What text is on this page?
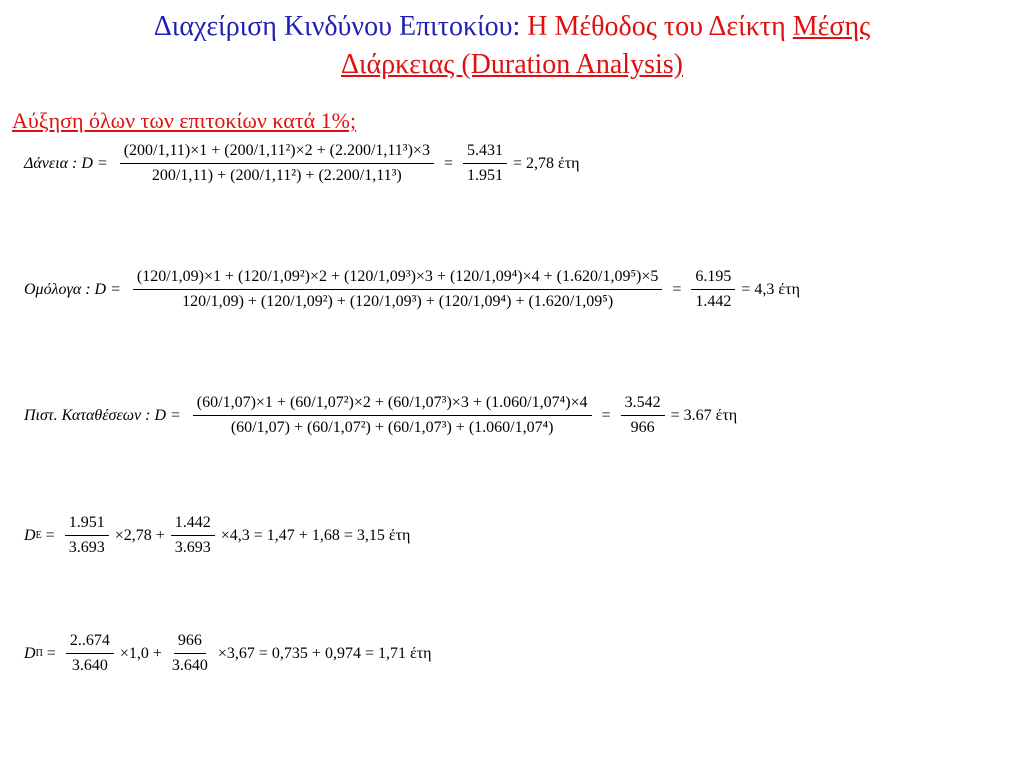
Διαχείριση Κινδύνου Επιτοκίου: Η Μέθοδος του Δείκτη Μέσης
Διάρκειας (Duration Analysis)
Αύξηση όλων των επιτοκίων κατά 1%;
Δάνεια : $D = \frac{\text{(200/1,11)×1 + (200/1,11²)×2 + (2.200/1,11³)×3}}{\text{200/1,11) + (200/1,11²) + (2.200/1,11³)}} = \frac{5.431}{1.951} = 2,78$ έτη
Ομόλογα : D =
(120/1,09)×1 + (120/1,09²)×2 + (120/1,09³)×3 + (120/1,09⁴)×4 + (1.620/1,09⁵)×5
120/1,09) + (120/1,09²) + (120/1,09³) + (120/1,09⁴) + (1.620/1,09⁵)
= $\frac{6.195}{1.442} = 4,3$ έτη
Πιστ. Καταθέσεων : $D = \frac{\text{(60/1,07)×1 + (60/1,07²)×2 + (60/1,07³)×3 + (1.060/1,07⁴)×4}}{\text{(60/1,07) + (60/1,07²) + (60/1,07³) + (1.060/1,07⁴)}} = \frac{3.542}{966} = 3.67$ έτη
D $E = \frac{1.951}{3.693} \times 2,78 + \frac{1.442}{3.693} \times 4,3 = 1,47 + 1,68 = 3,15$ έτη
D $\Pi = \frac{2..674}{3.640} \times 1,0 + \frac{966}{3.640} \times 3,67 = 0,735 + 0,974 = 1,71$ έτη
